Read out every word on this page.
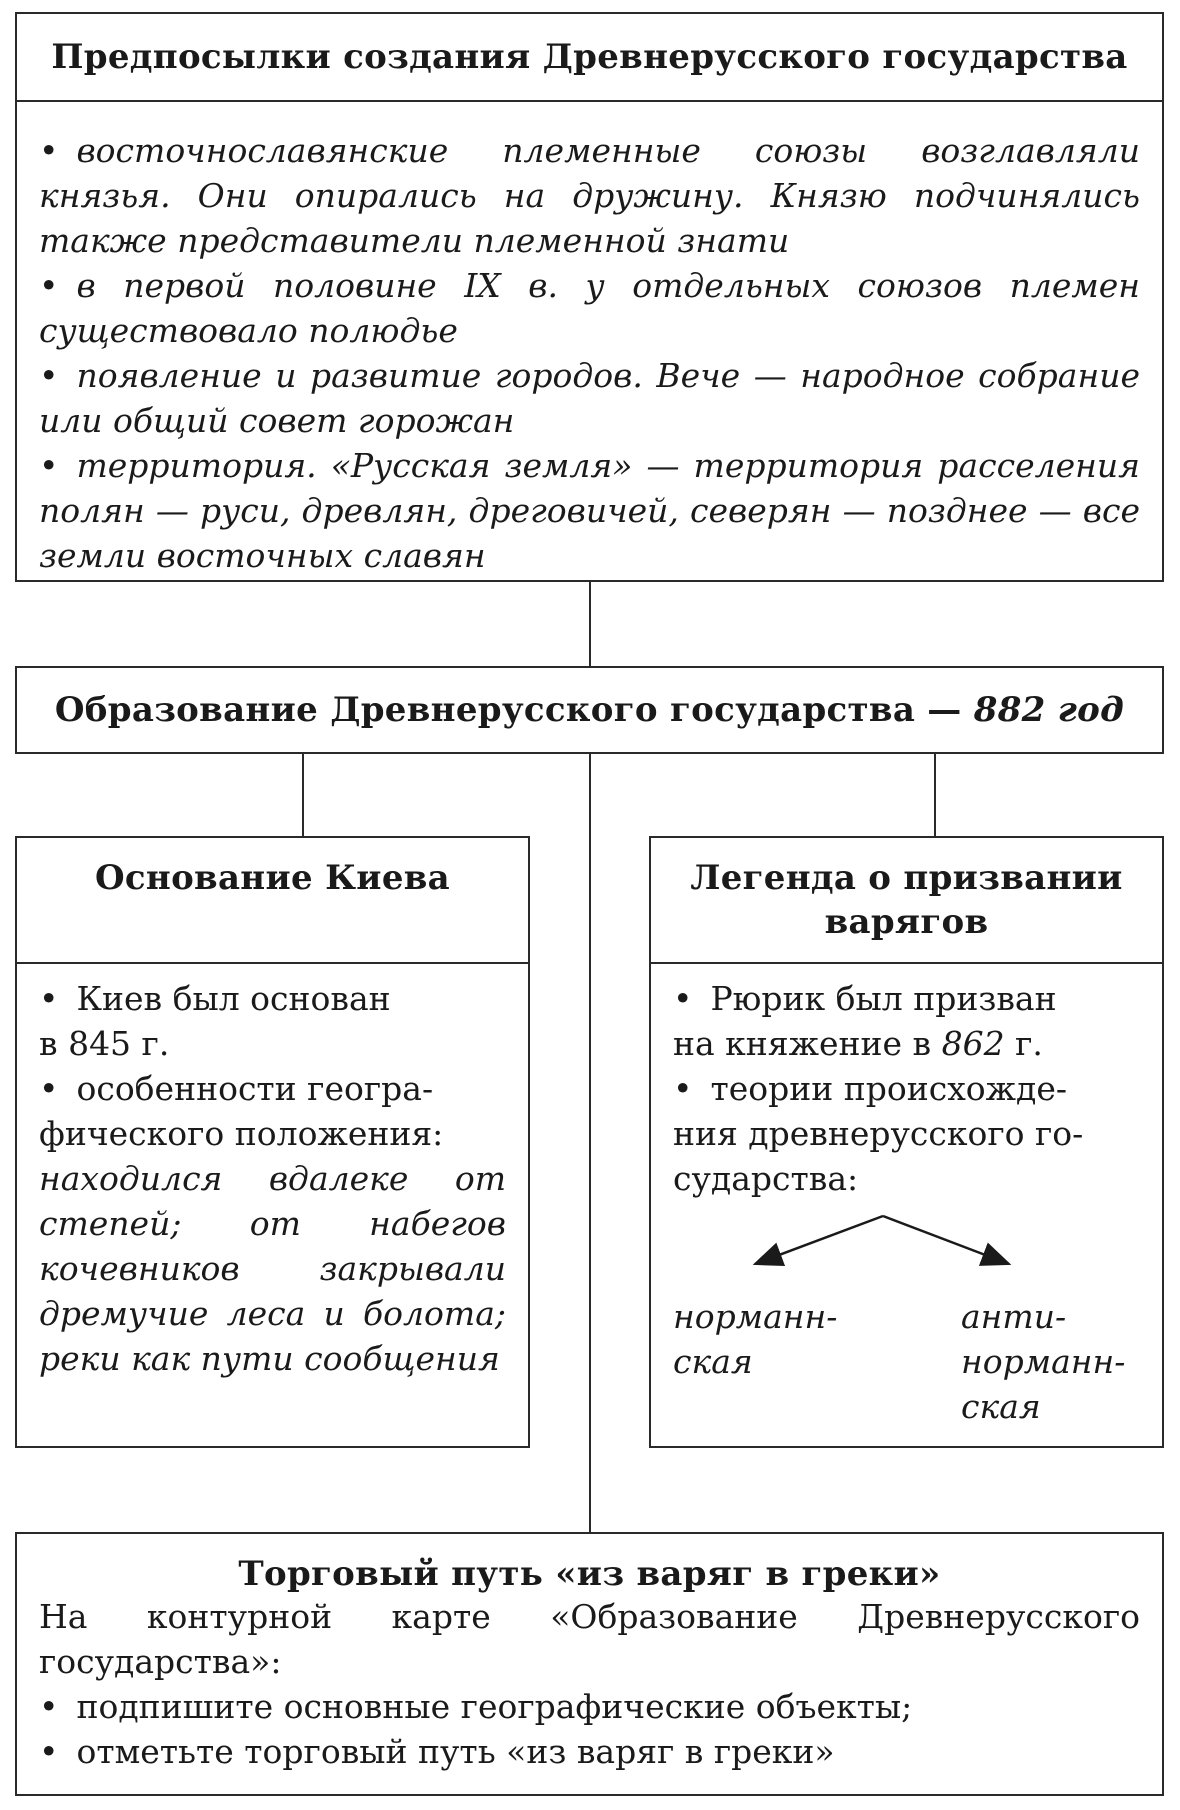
Предпосылки создания Древнерусского государства
• восточнославянские племенные союзы возглавляли князья. Они опирались на дружину. Князю подчинялись также представители племенной знати
• в первой половине IX в. у отдельных союзов племен существовало полюдье
• появление и развитие городов. Вече — народное собрание или общий совет горожан
• территория. «Русская земля» — территория расселения полян — руси, древлян, дреговичей, северян — позднее — все земли восточных славян
Образование Древнерусского государства — 882 год
Основание Киева
• Киев был основан
в 845 г.
• особенности геогра-
фического положения:
находился вдалеке от степей; от набегов кочевников закрывали дремучие леса и болота; реки как пути сообщения
Легенда о призвании
варягов
• Рюрик был призван
на княжение в 862 г.
• теории происхожде-
ния древнерусского го-
сударства:
норманн-
ская
анти-
норманн-
ская
Торговый путь «из варяг в греки»
На контурной карте «Образование Древнерусского государства»:
• подпишите основные географические объекты;
• отметьте торговый путь «из варяг в греки»
